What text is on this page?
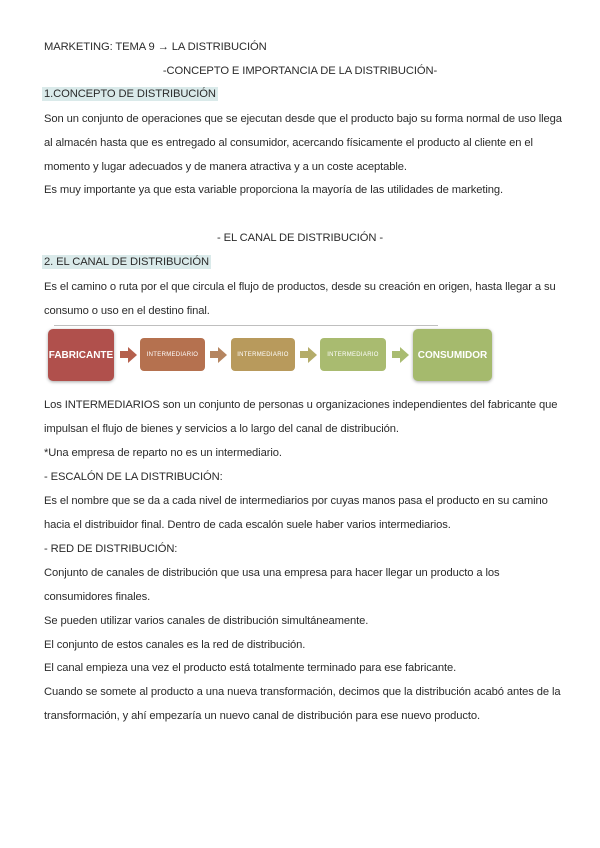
MARKETING: TEMA 9 → LA DISTRIBUCIÓN
-CONCEPTO E IMPORTANCIA DE LA DISTRIBUCIÓN-
1.CONCEPTO DE DISTRIBUCIÓN
Son un conjunto de operaciones que se ejecutan desde que el producto bajo su forma normal de uso llega
al almacén hasta que es entregado al consumidor, acercando físicamente el producto al cliente en el
momento y lugar adecuados y de manera atractiva y a un coste aceptable.
Es muy importante ya que esta variable proporciona la mayoría de las utilidades de marketing.
- EL CANAL DE DISTRIBUCIÓN -
2. EL CANAL DE DISTRIBUCIÓN
Es el camino o ruta por el que circula el flujo de productos, desde su creación en origen, hasta llegar a su
consumo o uso en el destino final.
FABRICANTE	INTERMEDIARIO	INTERMEDIARIO	INTERMEDIARIO	CONSUMIDOR
Los INTERMEDIARIOS son un conjunto de personas u organizaciones independientes del fabricante que
impulsan el flujo de bienes y servicios a lo largo del canal de distribución.
*Una empresa de reparto no es un intermediario.
- ESCALÓN DE LA DISTRIBUCIÓN:
Es el nombre que se da a cada nivel de intermediarios por cuyas manos pasa el producto en su camino
hacia el distribuidor final. Dentro de cada escalón suele haber varios intermediarios.
- RED DE DISTRIBUCIÓN:
Conjunto de canales de distribución que usa una empresa para hacer llegar un producto a los
consumidores finales.
Se pueden utilizar varios canales de distribución simultáneamente.
El conjunto de estos canales es la red de distribución.
El canal empieza una vez el producto está totalmente terminado para ese fabricante.
Cuando se somete al producto a una nueva transformación, decimos que la distribución acabó antes de la
transformación, y ahí empezaría un nuevo canal de distribución para ese nuevo producto.
